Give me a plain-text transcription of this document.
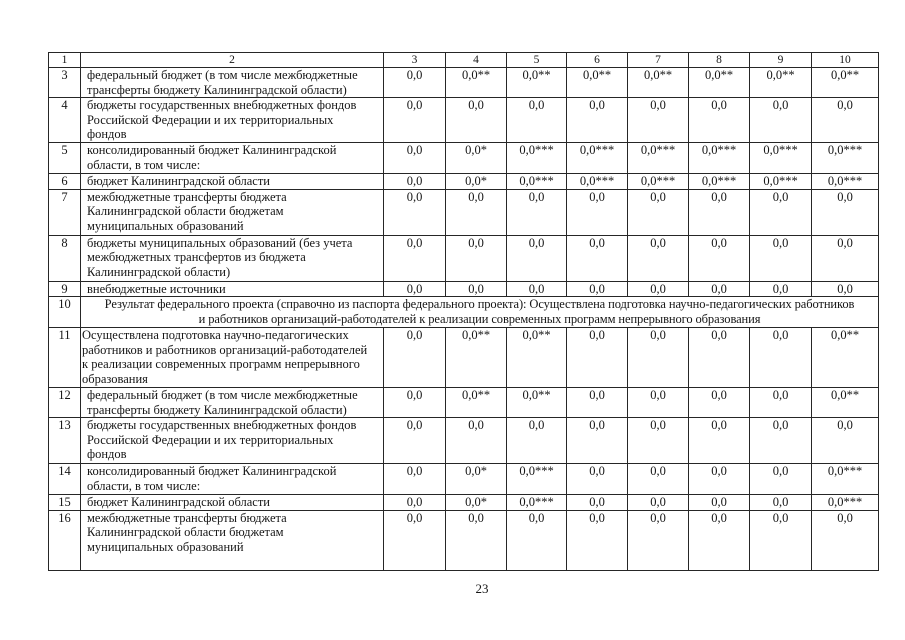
1	2	3	4	5	6	7	8	9	10
3	федеральный бюджет (в том числе межбюджетные
трансферты бюджету Калининградской области)	0,0	0,0**	0,0**	0,0**	0,0**	0,0**	0,0**	0,0**
4	бюджеты государственных внебюджетных фондов
Российской Федерации и их территориальных
фондов	0,0	0,0	0,0	0,0	0,0	0,0	0,0	0,0
5	консолидированный бюджет Калининградской
области, в том числе:	0,0	0,0*	0,0***	0,0***	0,0***	0,0***	0,0***	0,0***
6	бюджет Калининградской области	0,0	0,0*	0,0***	0,0***	0,0***	0,0***	0,0***	0,0***
7	межбюджетные трансферты бюджета
Калининградской области бюджетам
муниципальных образований	0,0	0,0	0,0	0,0	0,0	0,0	0,0	0,0
8	бюджеты муниципальных образований (без учета
межбюджетных трансфертов из бюджета
Калининградской области)	0,0	0,0	0,0	0,0	0,0	0,0	0,0	0,0
9	внебюджетные источники	0,0	0,0	0,0	0,0	0,0	0,0	0,0	0,0
10	Результат федерального проекта (справочно из паспорта федерального проекта): Осуществлена подготовка научно-педагогических работников
и работников организаций-работодателей к реализации современных программ непрерывного образования								

11	Осуществлена подготовка научно-педагогических
работников и работников организаций-работодателей
к реализации современных программ непрерывного
образования	0,0	0,0**	0,0**	0,0	0,0	0,0	0,0	0,0**
12	федеральный бюджет (в том числе межбюджетные
трансферты бюджету Калининградской области)	0,0	0,0**	0,0**	0,0	0,0	0,0	0,0	0,0**
13	бюджеты государственных внебюджетных фондов
Российской Федерации и их территориальных
фондов	0,0	0,0	0,0	0,0	0,0	0,0	0,0	0,0
14	консолидированный бюджет Калининградской
области, в том числе:	0,0	0,0*	0,0***	0,0	0,0	0,0	0,0	0,0***
15	бюджет Калининградской области	0,0	0,0*	0,0***	0,0	0,0	0,0	0,0	0,0***
16	межбюджетные трансферты бюджета
Калининградской области бюджетам
муниципальных образований	0,0	0,0	0,0	0,0	0,0	0,0	0,0	0,0
23
